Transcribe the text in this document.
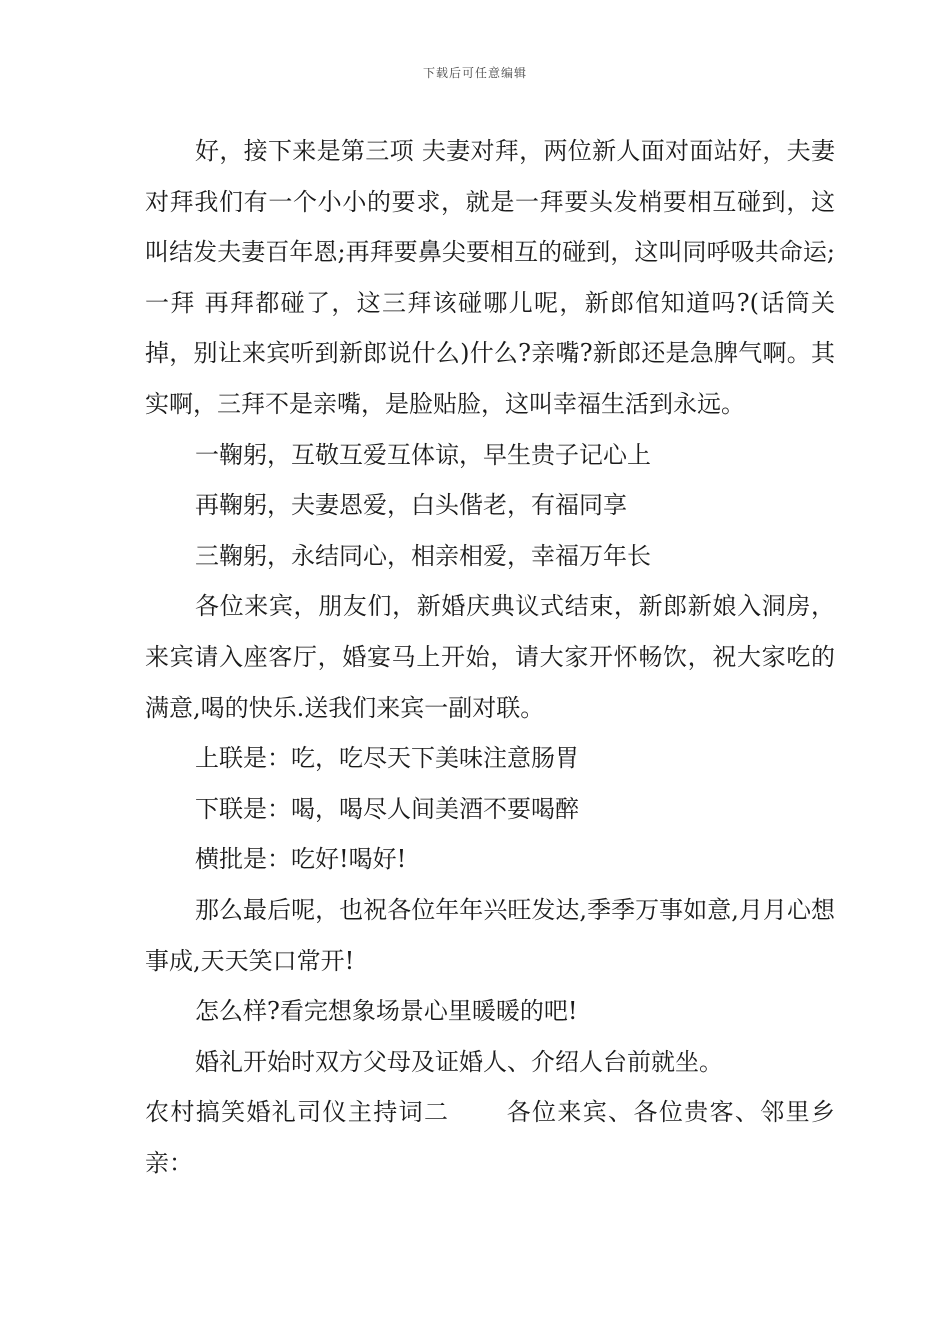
下载后可任意编辑

好，接下来是第三项 夫妻对拜，两位新人面对面站好，夫妻对拜我们有一个小小的要求，就是一拜要头发梢要相互碰到，这叫结发夫妻百年恩;再拜要鼻尖要相互的碰到，这叫同呼吸共命运;一拜 再拜都碰了，这三拜该碰哪儿呢，新郎倌知道吗?(话筒关掉，别让来宾听到新郎说什么)什么?亲嘴?新郎还是急脾气啊。其实啊，三拜不是亲嘴，是脸贴脸，这叫幸福生活到永远。

一鞠躬，互敬互爱互体谅，早生贵子记心上

再鞠躬，夫妻恩爱，白头偕老，有福同享

三鞠躬，永结同心，相亲相爱，幸福万年长

各位来宾，朋友们，新婚庆典议式结束，新郎新娘入洞房，来宾请入座客厅，婚宴马上开始，请大家开怀畅饮，祝大家吃的满意,喝的快乐.送我们来宾一副对联。

上联是：吃，吃尽天下美味注意肠胃

下联是：喝，喝尽人间美酒不要喝醉

横批是：吃好!喝好!

那么最后呢，也祝各位年年兴旺发达,季季万事如意,月月心想事成,天天笑口常开!

怎么样?看完想象场景心里暖暖的吧!

婚礼开始时双方父母及证婚人、介绍人台前就坐。

农村搞笑婚礼司仪主持词二 各位来宾、各位贵客、邻里乡亲：
